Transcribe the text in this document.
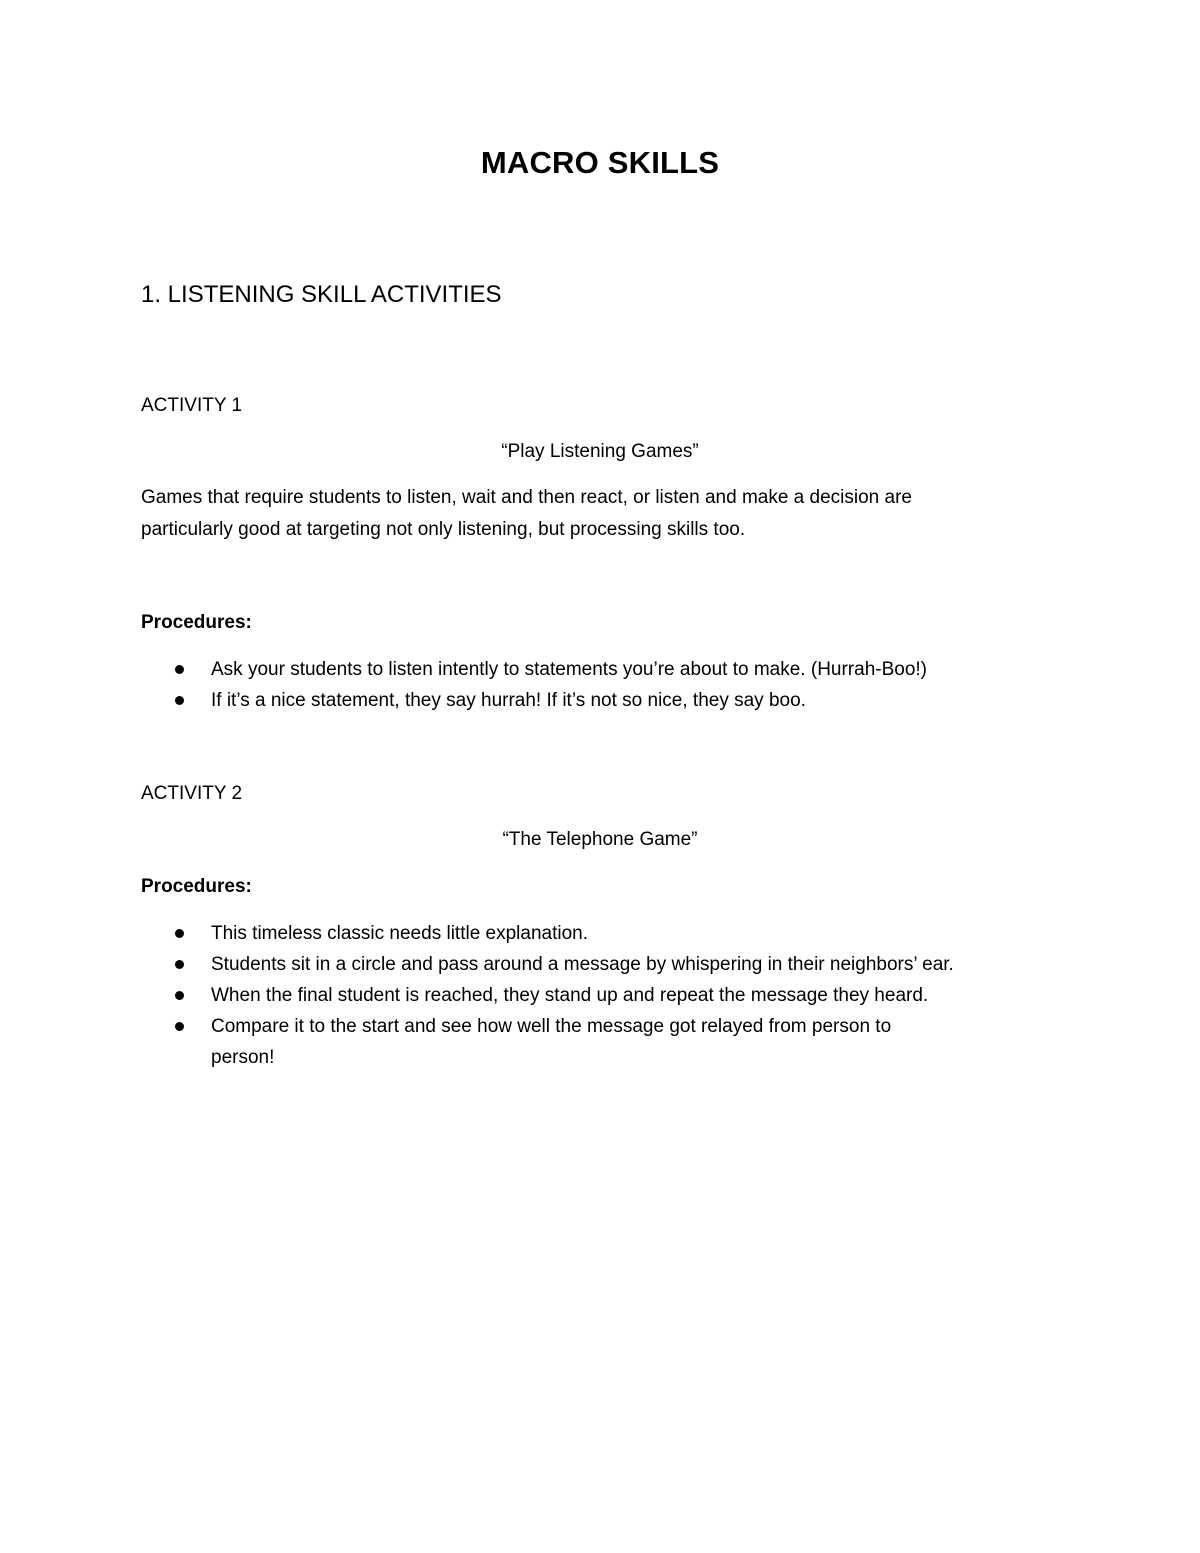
MACRO SKILLS
1. LISTENING SKILL ACTIVITIES
ACTIVITY 1
“Play Listening Games”
Games that require students to listen, wait and then react, or listen and make a decision are
particularly good at targeting not only listening, but processing skills too.
Procedures:
Ask your students to listen intently to statements you’re about to make. (Hurrah-Boo!)
If it’s a nice statement, they say hurrah! If it’s not so nice, they say boo.
ACTIVITY 2
“The Telephone Game”
Procedures:
This timeless classic needs little explanation.
Students sit in a circle and pass around a message by whispering in their neighbors’ ear.
When the final student is reached, they stand up and repeat the message they heard.
Compare it to the start and see how well the message got relayed from person to
person!
